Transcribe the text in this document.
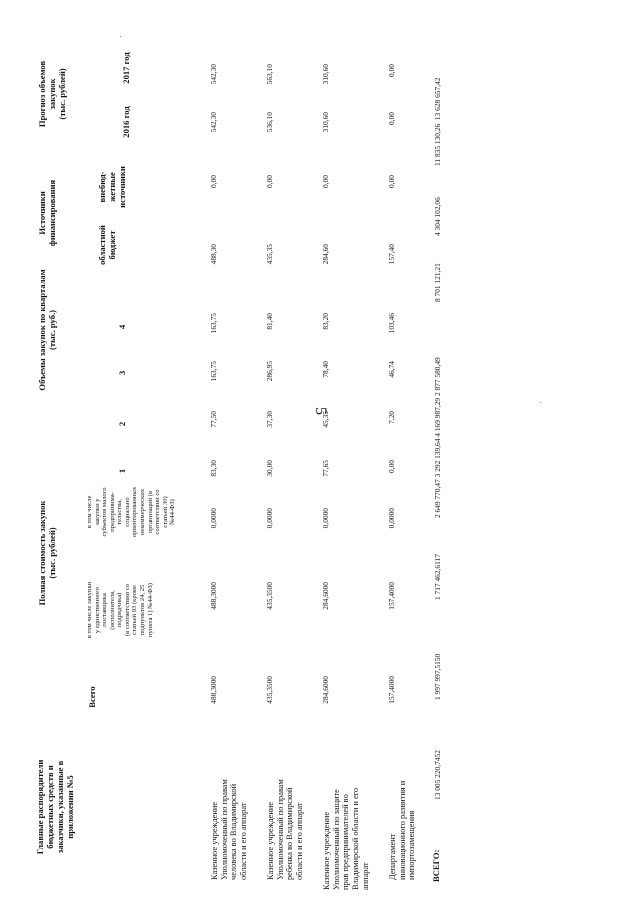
5
Главные распорядители
бюджетных средств и
заказчики, указанные в
приложении №5
Полная стоимость закупок
(тыс. рублей)
Всего
в том числе закупки
у единственного
поставщика
(исполнителя,
подрядчика)
(в соответствии со
статьей 93 (кроме
подпунктов 24, 25
пункта 1) №44-ФЗ)
в том числе
закупки у
субъектов малого
предпринима-
тельства,
социально
ориентированных
некоммерческих
организаций (в
соответствии со
статьей 30)
№44-ФЗ)
Объемы закупок по кварталам
(тыс. руб.)
1
2
3
4
Источники
финансирования	областной
бюджет
внебюд-
жетные
источники
Прогноз объемов
закупок
(тыс. рублей)
2016 год
2017 год
Казенное учреждение
Уполномоченный по правам
человека во Владимирской
области и его аппарат
488,3000
488,3000
0,0000
83,30
77,50
163,75
163,75
488,30
0,00
542,30
542,30
Казенное учреждение
Уполномоченный по правам
ребенка во Владимирской
области и его аппарат
435,3500
435,3500
0,0000
30,00
37,30
286,95
81,40
435,35
0,00
536,10
563,10
Казенное учреждение
Уполномоченный по защите
прав предпринимателей во
Владимирской области и его
аппарат
284,6000
284,6000
0,0000
77,65
45,35
78,40
83,20
284,60
0,00
310,60
310,60
Департамент
инновационного развития и
импортозамещения
157,4000
157,4000
0,0000
0,00
7,20
46,74
103,46
157,40
0,00
0,00
0,00
ВСЕГО:
13 005 220,7452
1 997 997,5150
1 717 462,6117
2 649 770,47 3 292 139,64 4 169 987,29 2 877 580,49
8 701 121,21
4 304 102,06
11 835 130,26  13 628 657,42
